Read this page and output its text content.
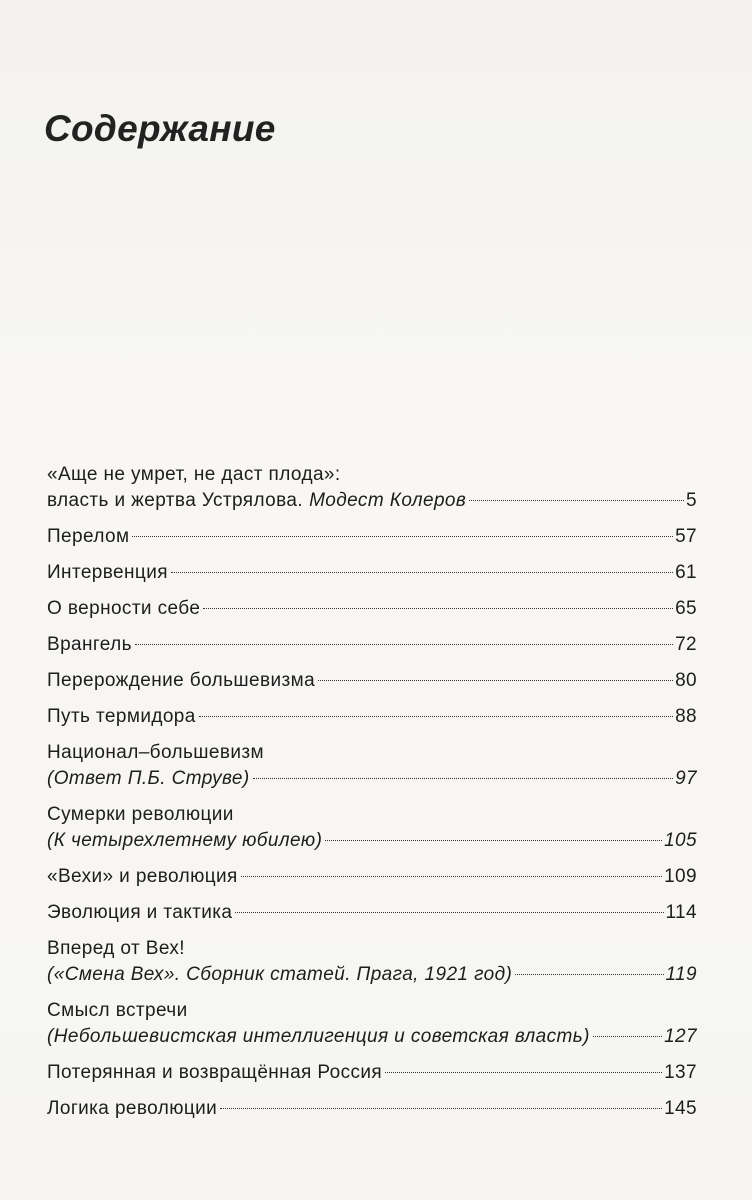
Содержание
«Аще не умрет, не даст плода»:
власть и жертва Устрялова. Модест Колеров	5
Перелом	57
Интервенция	61
О верности себе	65
Врангель	72
Перерождение большевизма	80
Путь термидора	88
Национал–большевизм
(Ответ П.Б. Струве)	97
Сумерки революции
(К четырехлетнему юбилею)	105
«Вехи» и революция	109
Эволюция и тактика	114
Вперед от Вех!
(«Смена Вех». Сборник статей. Прага, 1921 год)	119
Смысл встречи
(Небольшевистская интеллигенция и советская власть)	127
Потерянная и возвращённая Россия	137
Логика революции	145
